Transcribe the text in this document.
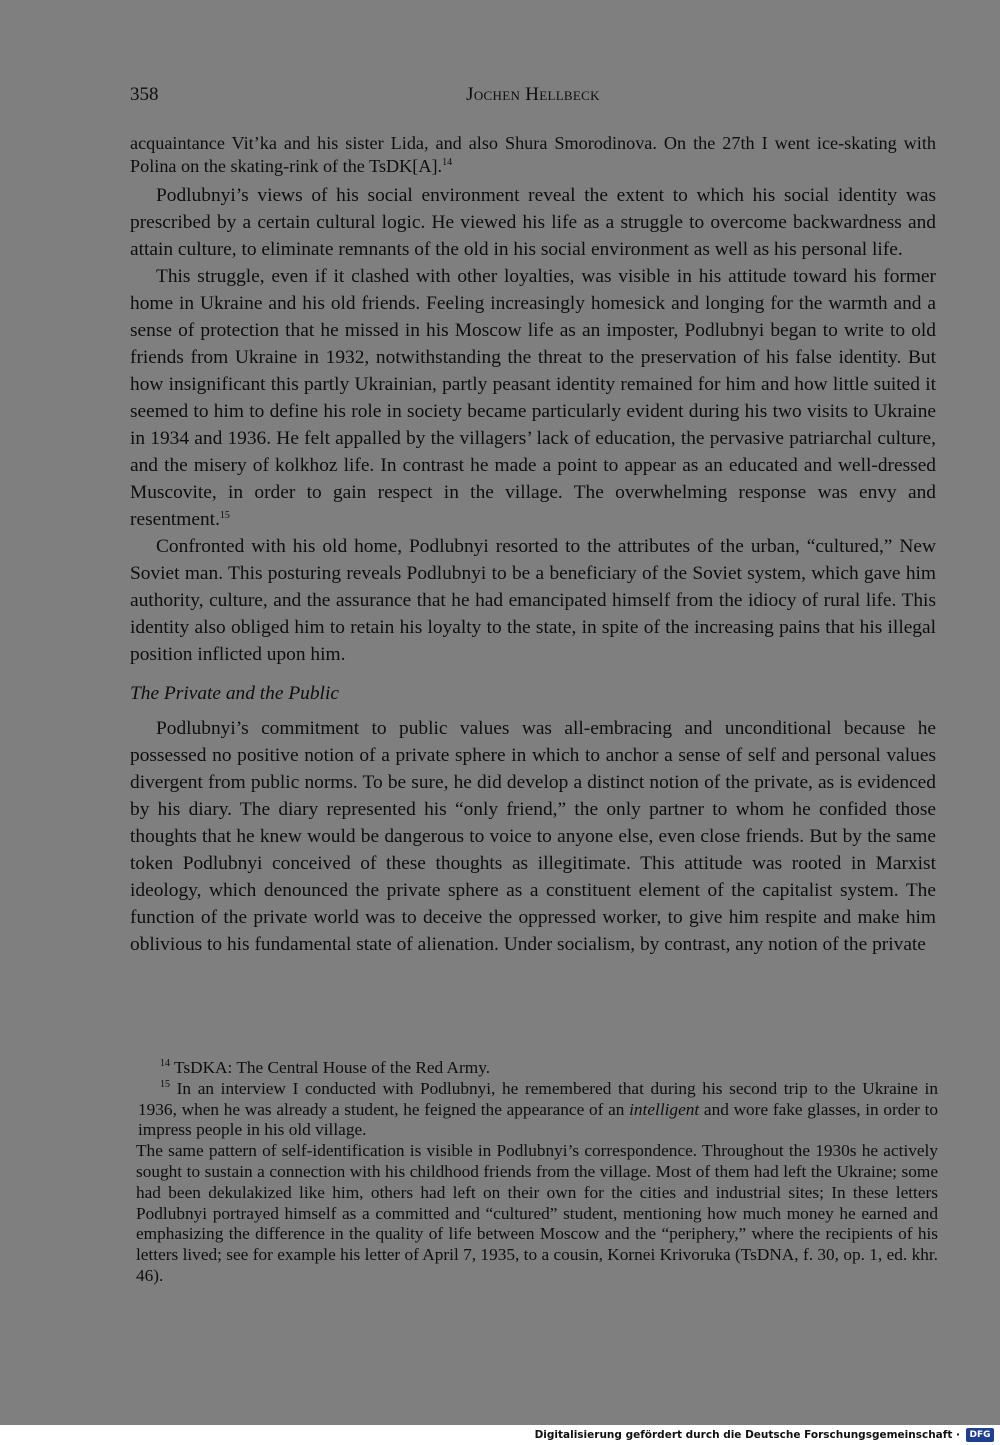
358	Jochen Hellbeck

acquaintance Vit’ka and his sister Lida, and also Shura Smorodinova. On the 27th I went ice-skating with Polina on the skating-rink of the TsDK[A].$^{14}$

Podlubnyi’s views of his social environment reveal the extent to which his social identity was prescribed by a certain cultural logic. He viewed his life as a struggle to overcome backwardness and attain culture, to eliminate remnants of the old in his social environment as well as his personal life.

This struggle, even if it clashed with other loyalties, was visible in his attitude toward his former home in Ukraine and his old friends. Feeling increasingly homesick and longing for the warmth and a sense of protection that he missed in his Moscow life as an imposter, Podlubnyi began to write to old friends from Ukraine in 1932, notwithstanding the threat to the preservation of his false identity. But how insignificant this partly Ukrainian, partly peasant identity remained for him and how little suited it seemed to him to define his role in society became particularly evident during his two visits to Ukraine in 1934 and 1936. He felt appalled by the villagers’ lack of education, the pervasive patriarchal culture, and the misery of kolkhoz life. In contrast he made a point to appear as an educated and well-dressed Muscovite, in order to gain respect in the village. The overwhelming response was envy and resentment.$^{15}$

Confronted with his old home, Podlubnyi resorted to the attributes of the urban, “cultured,” New Soviet man. This posturing reveals Podlubnyi to be a beneficiary of the Soviet system, which gave him authority, culture, and the assurance that he had emancipated himself from the idiocy of rural life. This identity also obliged him to retain his loyalty to the state, in spite of the increasing pains that his illegal position inflicted upon him.

The Private and the Public

Podlubnyi’s commitment to public values was all-embracing and unconditional because he possessed no positive notion of a private sphere in which to anchor a sense of self and personal values divergent from public norms. To be sure, he did develop a distinct notion of the private, as is evidenced by his diary. The diary represented his “only friend,” the only partner to whom he confided those thoughts that he knew would be dangerous to voice to anyone else, even close friends. But by the same token Podlubnyi conceived of these thoughts as illegitimate. This attitude was rooted in Marxist ideology, which denounced the private sphere as a constituent element of the capitalist system. The function of the private world was to deceive the oppressed worker, to give him respite and make him oblivious to his fundamental state of alienation. Under socialism, by contrast, any notion of the private

$^{14}$ TsDKA: The Central House of the Red Army.

$^{15}$ In an interview I conducted with Podlubnyi, he remembered that during his second trip to the Ukraine in 1936, when he was already a student, he feigned the appearance of an intelligent and wore fake glasses, in order to impress people in his old village.

The same pattern of self-identification is visible in Podlubnyi’s correspondence. Throughout the 1930s he actively sought to sustain a connection with his childhood friends from the village. Most of them had left the Ukraine; some had been dekulakized like him, others had left on their own for the cities and industrial sites; In these letters Podlubnyi portrayed himself as a committed and “cultured” student, mentioning how much money he earned and emphasizing the difference in the quality of life between Moscow and the “periphery,” where the recipients of his letters lived; see for example his letter of April 7, 1935, to a cousin, Kornei Krivoruka (TsDNA, f. 30, op. 1, ed. khr. 46).

Digitalisierung gefördert durch die Deutsche Forschungsgemeinschaft ·	DFG
